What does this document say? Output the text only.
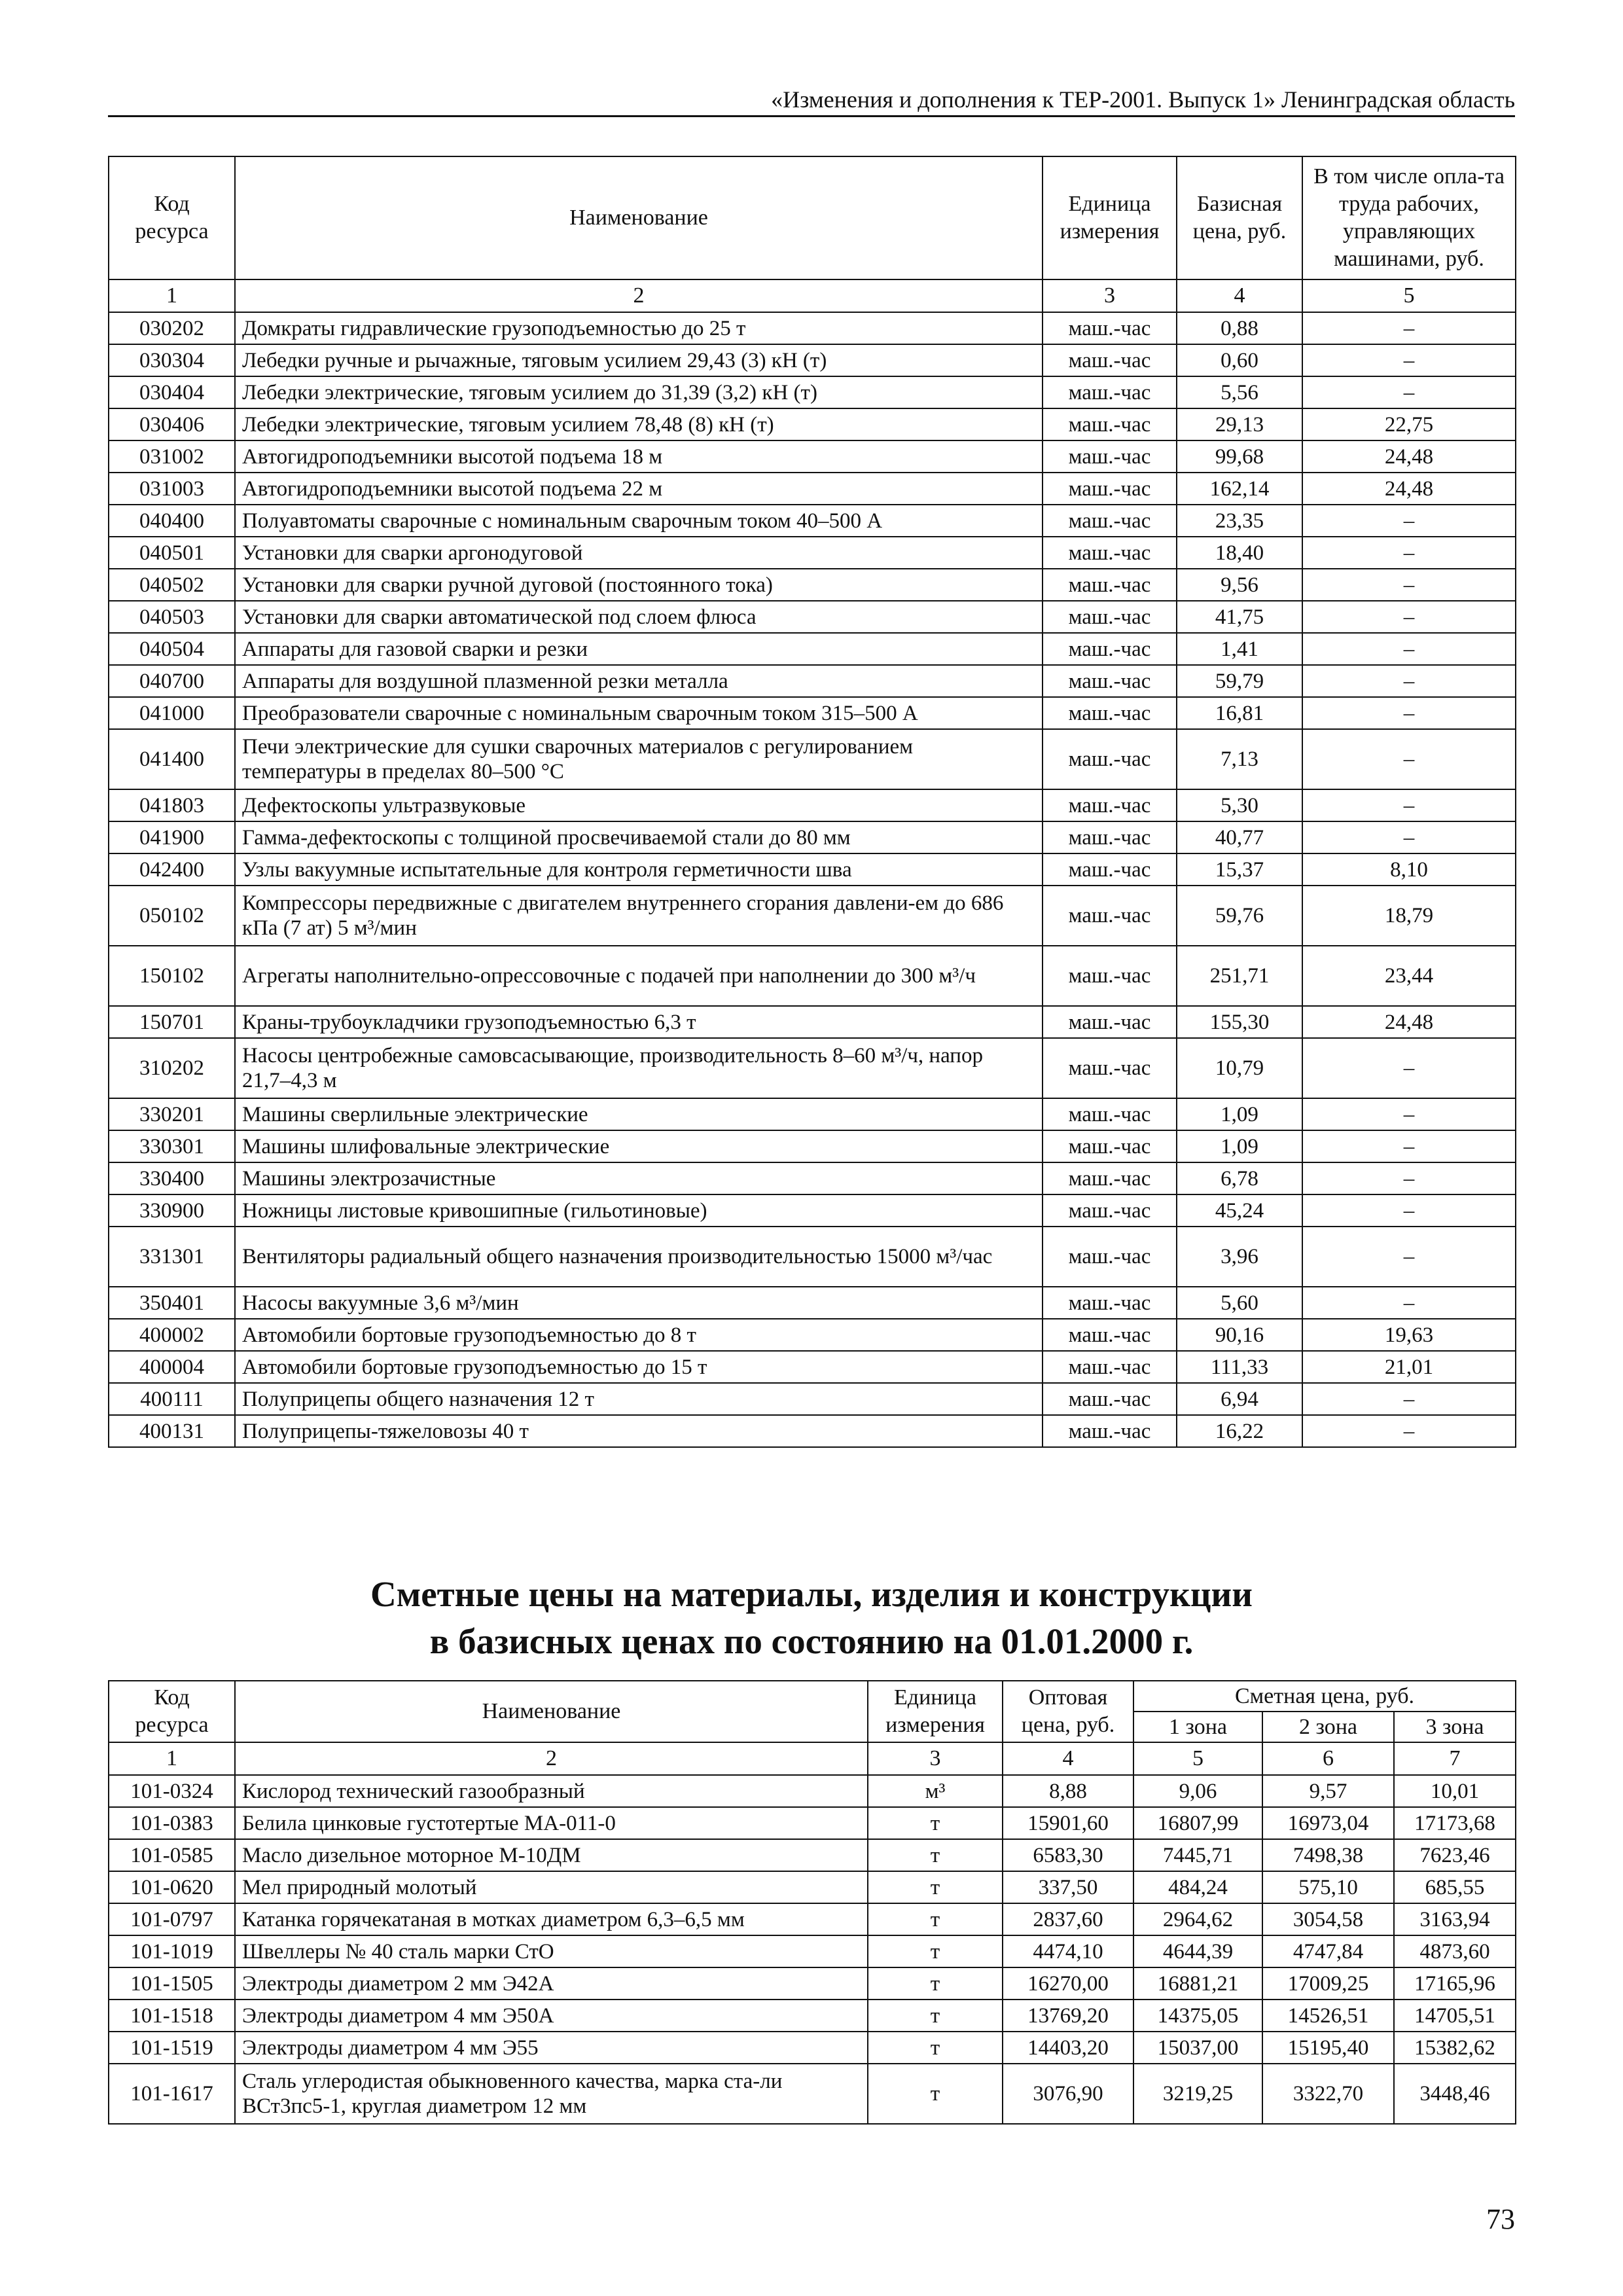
«Изменения и дополнения к ТЕР-2001. Выпуск 1» Ленинградская область
Код ресурса	Наименование	Единица измерения	Базисная цена, руб.	В том числе опла-та труда рабочих, управляющих машинами, руб.
1	2	3	4	5
030202	Домкраты гидравлические грузоподъемностью до 25 т	маш.-час	0,88	–
030304	Лебедки ручные и рычажные, тяговым усилием 29,43 (3) кН (т)	маш.-час	0,60	–
030404	Лебедки электрические, тяговым усилием до 31,39 (3,2) кН (т)	маш.-час	5,56	–
030406	Лебедки электрические, тяговым усилием 78,48 (8) кН (т)	маш.-час	29,13	22,75
031002	Автогидроподъемники высотой подъема 18 м	маш.-час	99,68	24,48
031003	Автогидроподъемники высотой подъема 22 м	маш.-час	162,14	24,48
040400	Полуавтоматы сварочные с номинальным сварочным током 40–500 А	маш.-час	23,35	–
040501	Установки для сварки аргонодуговой	маш.-час	18,40	–
040502	Установки для сварки ручной дуговой (постоянного тока)	маш.-час	9,56	–
040503	Установки для сварки автоматической под слоем флюса	маш.-час	41,75	–
040504	Аппараты для газовой сварки и резки	маш.-час	1,41	–
040700	Аппараты для воздушной плазменной резки металла	маш.-час	59,79	–
041000	Преобразователи сварочные с номинальным сварочным током 315–500 А	маш.-час	16,81	–
041400	Печи электрические для сушки сварочных материалов с регулированием температуры в пределах 80–500 °С	маш.-час	7,13	–
041803	Дефектоскопы ультразвуковые	маш.-час	5,30	–
041900	Гамма-дефектоскопы с толщиной просвечиваемой стали до 80 мм	маш.-час	40,77	–
042400	Узлы вакуумные испытательные для контроля герметичности шва	маш.-час	15,37	8,10
050102	Компрессоры передвижные с двигателем внутреннего сгорания давлени-ем до 686 кПа (7 ат) 5 м³/мин	маш.-час	59,76	18,79
150102	Агрегаты наполнительно-опрессовочные с подачей при наполнении до 300 м³/ч	маш.-час	251,71	23,44
150701	Краны-трубоукладчики грузоподъемностью 6,3 т	маш.-час	155,30	24,48
310202	Насосы центробежные самовсасывающие, производительность 8–60 м³/ч, напор 21,7–4,3 м	маш.-час	10,79	–
330201	Машины сверлильные электрические	маш.-час	1,09	–
330301	Машины шлифовальные электрические	маш.-час	1,09	–
330400	Машины электрозачистные	маш.-час	6,78	–
330900	Ножницы листовые кривошипные (гильотиновые)	маш.-час	45,24	–
331301	Вентиляторы радиальный общего назначения производительностью 15000 м³/час	маш.-час	3,96	–
350401	Насосы вакуумные 3,6 м³/мин	маш.-час	5,60	–
400002	Автомобили бортовые грузоподъемностью до 8 т	маш.-час	90,16	19,63
400004	Автомобили бортовые грузоподъемностью до 15 т	маш.-час	111,33	21,01
400111	Полуприцепы общего назначения 12 т	маш.-час	6,94	–
400131	Полуприцепы-тяжеловозы 40 т	маш.-час	16,22	–
Сметные цены на материалы, изделия и конструкции
в базисных ценах по состоянию на 01.01.2000 г.
Код ресурса	Наименование	Единица измерения	Оптовая цена, руб.	Сметная цена, руб.		
				1 зона	2 зона	3 зона
1	2	3	4	5	6	7
101-0324	Кислород технический газообразный	м³	8,88	9,06	9,57	10,01
101-0383	Белила цинковые густотертые МА-011-0	т	15901,60	16807,99	16973,04	17173,68
101-0585	Масло дизельное моторное М-10ДМ	т	6583,30	7445,71	7498,38	7623,46
101-0620	Мел природный молотый	т	337,50	484,24	575,10	685,55
101-0797	Катанка горячекатаная в мотках диаметром 6,3–6,5 мм	т	2837,60	2964,62	3054,58	3163,94
101-1019	Швеллеры № 40 сталь марки СтО	т	4474,10	4644,39	4747,84	4873,60
101-1505	Электроды диаметром 2 мм Э42А	т	16270,00	16881,21	17009,25	17165,96
101-1518	Электроды диаметром 4 мм Э50А	т	13769,20	14375,05	14526,51	14705,51
101-1519	Электроды диаметром 4 мм Э55	т	14403,20	15037,00	15195,40	15382,62
101-1617	Сталь углеродистая обыкновенного качества, марка ста-ли ВСт3пс5-1, круглая диаметром 12 мм	т	3076,90	3219,25	3322,70	3448,46
73
